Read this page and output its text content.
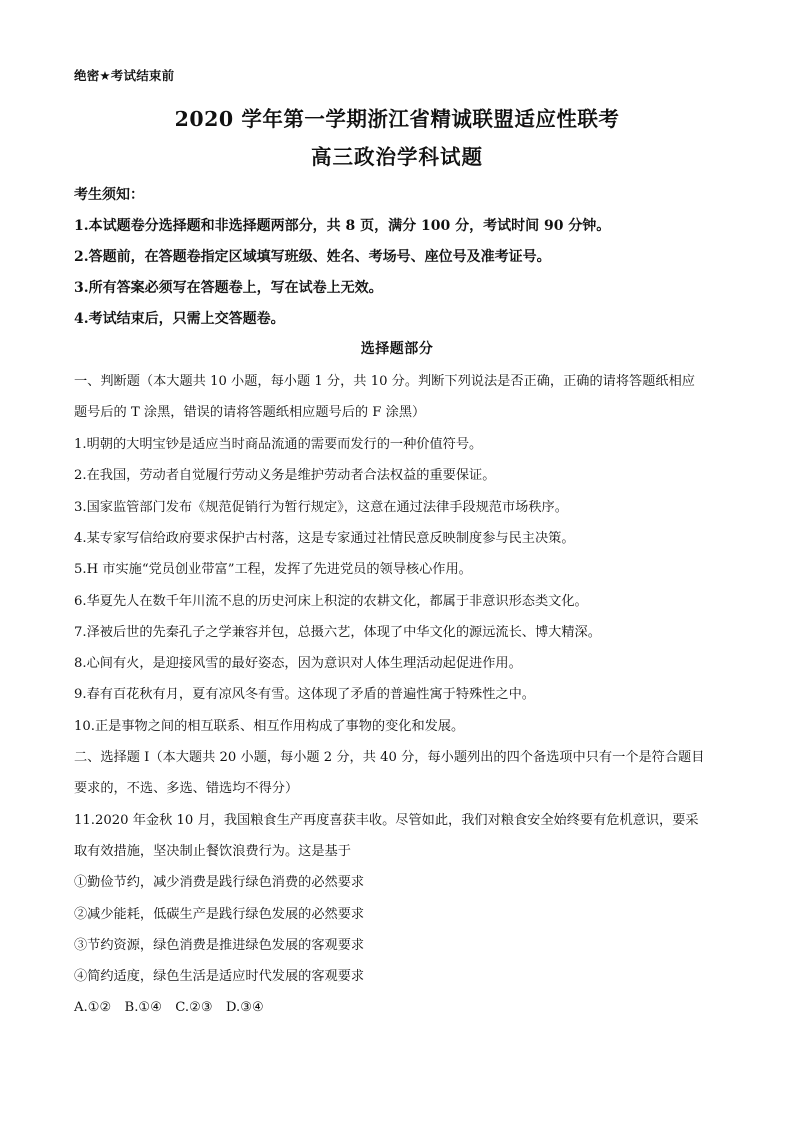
绝密★考试结束前
2020 学年第一学期浙江省精诚联盟适应性联考
高三政治学科试题
考生须知：
1.本试题卷分选择题和非选择题两部分，共 8 页，满分 100 分，考试时间 90 分钟。
2.答题前，在答题卷指定区域填写班级、姓名、考场号、座位号及准考证号。
3.所有答案必须写在答题卷上，写在试卷上无效。
4.考试结束后，只需上交答题卷。
选择题部分
一、判断题（本大题共 10 小题，每小题 1 分，共 10 分。判断下列说法是否正确，正确的请将答题纸相应
题号后的 T 涂黑，错误的请将答题纸相应题号后的 F 涂黑）
1.明朝的大明宝钞是适应当时商品流通的需要而发行的一种价值符号。
2.在我国，劳动者自觉履行劳动义务是维护劳动者合法权益的重要保证。
3.国家监管部门发布《规范促销行为暂行规定》，这意在通过法律手段规范市场秩序。
4.某专家写信给政府要求保护古村落，这是专家通过社情民意反映制度参与民主决策。
5.H 市实施“党员创业带富”工程，发挥了先进党员的领导核心作用。
6.华夏先人在数千年川流不息的历史河床上积淀的农耕文化，都属于非意识形态类文化。
7.泽被后世的先秦孔子之学兼容并包，总摄六艺，体现了中华文化的源远流长、博大精深。
8.心间有火，是迎接风雪的最好姿态，因为意识对人体生理活动起促进作用。
9.春有百花秋有月，夏有凉风冬有雪。这体现了矛盾的普遍性寓于特殊性之中。
10.正是事物之间的相互联系、相互作用构成了事物的变化和发展。
二、选择题 I（本大题共 20 小题，每小题 2 分，共 40 分，每小题列出的四个备选项中只有一个是符合题目
要求的，不选、多选、错选均不得分）
11.2020 年金秋 10 月，我国粮食生产再度喜获丰收。尽管如此，我们对粮食安全始终要有危机意识，要采
取有效措施，坚决制止餐饮浪费行为。这是基于
①勤俭节约，减少消费是践行绿色消费的必然要求
②减少能耗，低碳生产是践行绿色发展的必然要求
③节约资源，绿色消费是推进绿色发展的客观要求
④简约适度，绿色生活是适应时代发展的客观要求
A.①②　B.①④　C.②③　D.③④
